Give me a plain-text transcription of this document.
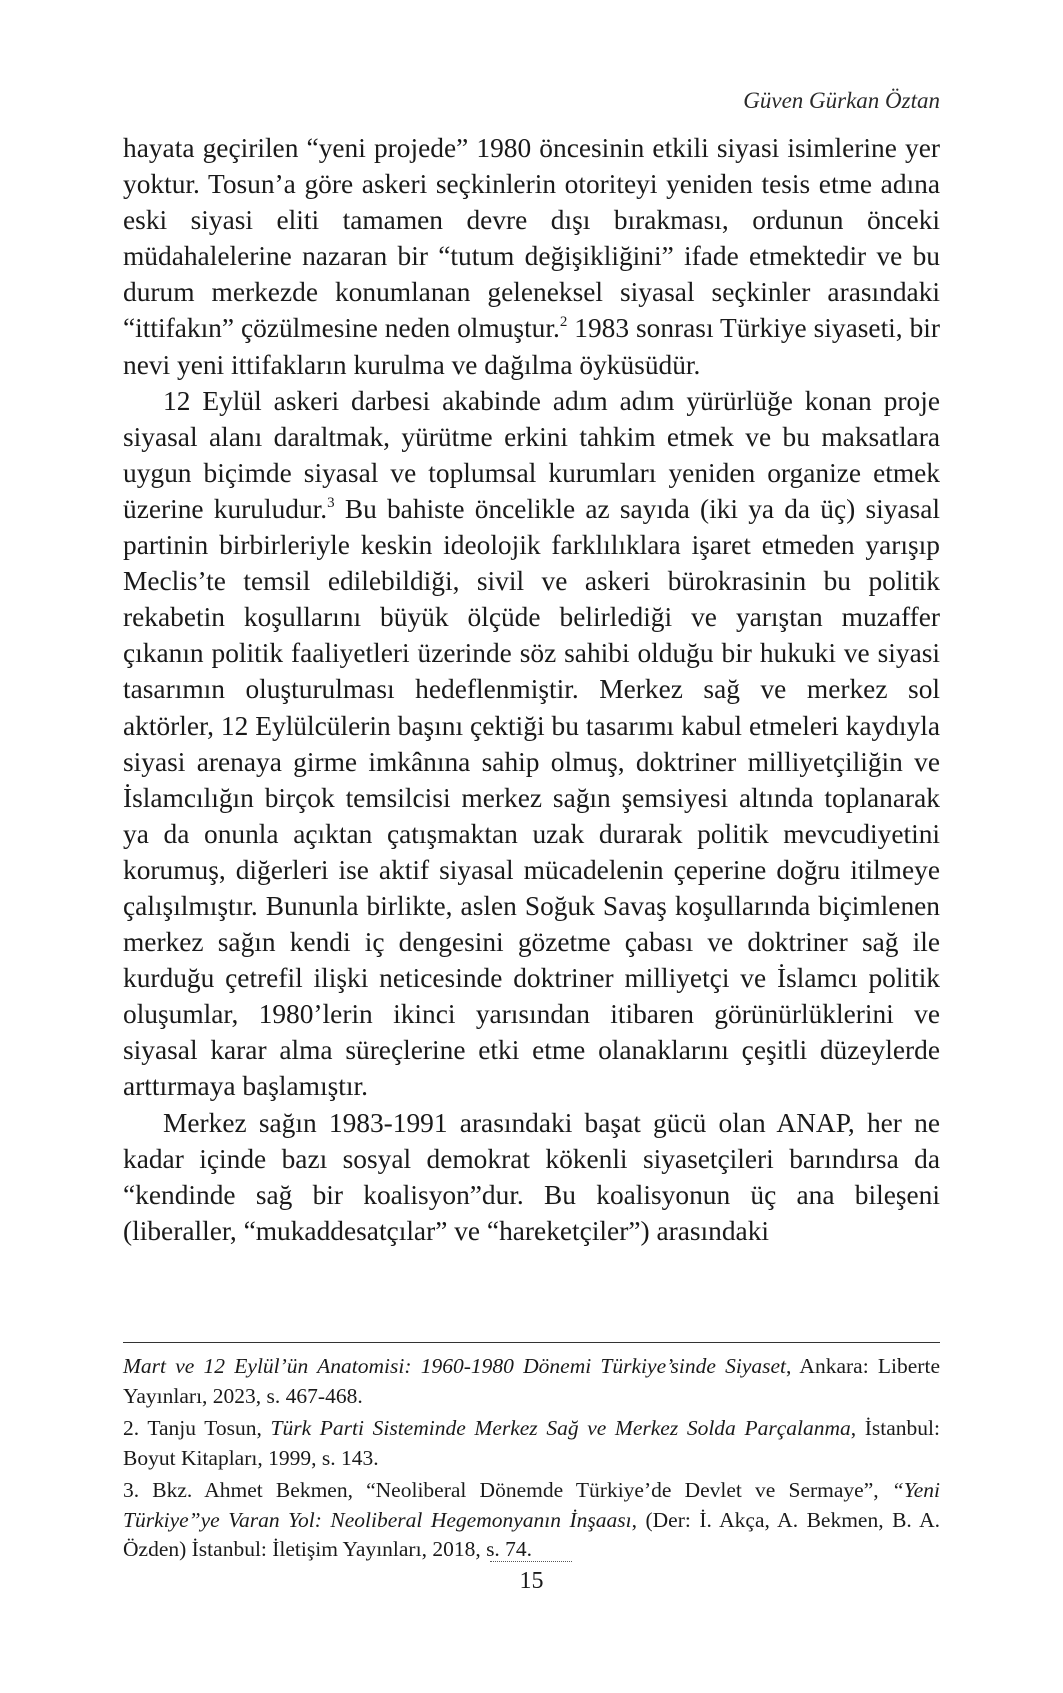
Güven Gürkan Öztan

hayata geçirilen “yeni projede” 1980 öncesinin etkili siyasi isimlerine yer yoktur. Tosun’a göre askeri seçkinlerin otoriteyi yeniden tesis etme adına eski siyasi eliti tamamen devre dışı bırakması, ordunun önceki müdahalelerine nazaran bir “tutum değişikliğini” ifade etmektedir ve bu durum merkezde konumlanan geleneksel siyasal seçkinler arasındaki “ittifakın” çözülmesine neden olmuştur.$^2$ 1983 sonrası Türkiye siyaseti, bir nevi yeni ittifakların kurulma ve dağılma öyküsüdür.

12 Eylül askeri darbesi akabinde adım adım yürürlüğe konan proje siyasal alanı daraltmak, yürütme erkini tahkim etmek ve bu maksatlara uygun biçimde siyasal ve toplumsal kurumları yeniden organize etmek üzerine kuruludur.$^3$ Bu bahiste öncelikle az sayıda (iki ya da üç) siyasal partinin birbirleriyle keskin ideolojik farklılıklara işaret etmeden yarışıp Meclis’te temsil edilebildiği, sivil ve askeri bürokrasinin bu politik rekabetin koşullarını büyük ölçüde belirlediği ve yarıştan muzaffer çıkanın politik faaliyetleri üzerinde söz sahibi olduğu bir hukuki ve siyasi tasarımın oluşturulması hedeflenmiştir. Merkez sağ ve merkez sol aktörler, 12 Eylülcülerin başını çektiği bu tasarımı kabul etmeleri kaydıyla siyasi arenaya girme imkânına sahip olmuş, doktriner milliyetçiliğin ve İslamcılığın birçok temsilcisi merkez sağın şemsiyesi altında toplanarak ya da onunla açıktan çatışmaktan uzak durarak politik mevcudiyetini korumuş, diğerleri ise aktif siyasal mücadelenin çeperine doğru itilmeye çalışılmıştır. Bununla birlikte, aslen Soğuk Savaş koşullarında biçimlenen merkez sağın kendi iç dengesini gözetme çabası ve doktriner sağ ile kurduğu çetrefil ilişki neticesinde doktriner milliyetçi ve İslamcı politik oluşumlar, 1980’lerin ikinci yarısından itibaren görünürlüklerini ve siyasal karar alma süreçlerine etki etme olanaklarını çeşitli düzeylerde arttırmaya başlamıştır.

Merkez sağın 1983-1991 arasındaki başat gücü olan ANAP, her ne kadar içinde bazı sosyal demokrat kökenli siyasetçileri barındırsa da “kendinde sağ bir koalisyon”dur. Bu koalisyonun üç ana bileşeni (liberaller, “mukaddesatçılar” ve “hareketçiler”) arasındaki

Mart ve 12 Eylül’ün Anatomisi: 1960-1980 Dönemi Türkiye’sinde Siyaset, Ankara: Liberte Yayınları, 2023, s. 467-468.

2. Tanju Tosun, Türk Parti Sisteminde Merkez Sağ ve Merkez Solda Parçalanma, İstanbul: Boyut Kitapları, 1999, s. 143.

3. Bkz. Ahmet Bekmen, “Neoliberal Dönemde Türkiye’de Devlet ve Sermaye”, “Yeni Türkiye”ye Varan Yol: Neoliberal Hegemonyanın İnşaası, (Der: İ. Akça, A. Bekmen, B. A. Özden) İstanbul: İletişim Yayınları, 2018, s. 74.

15
